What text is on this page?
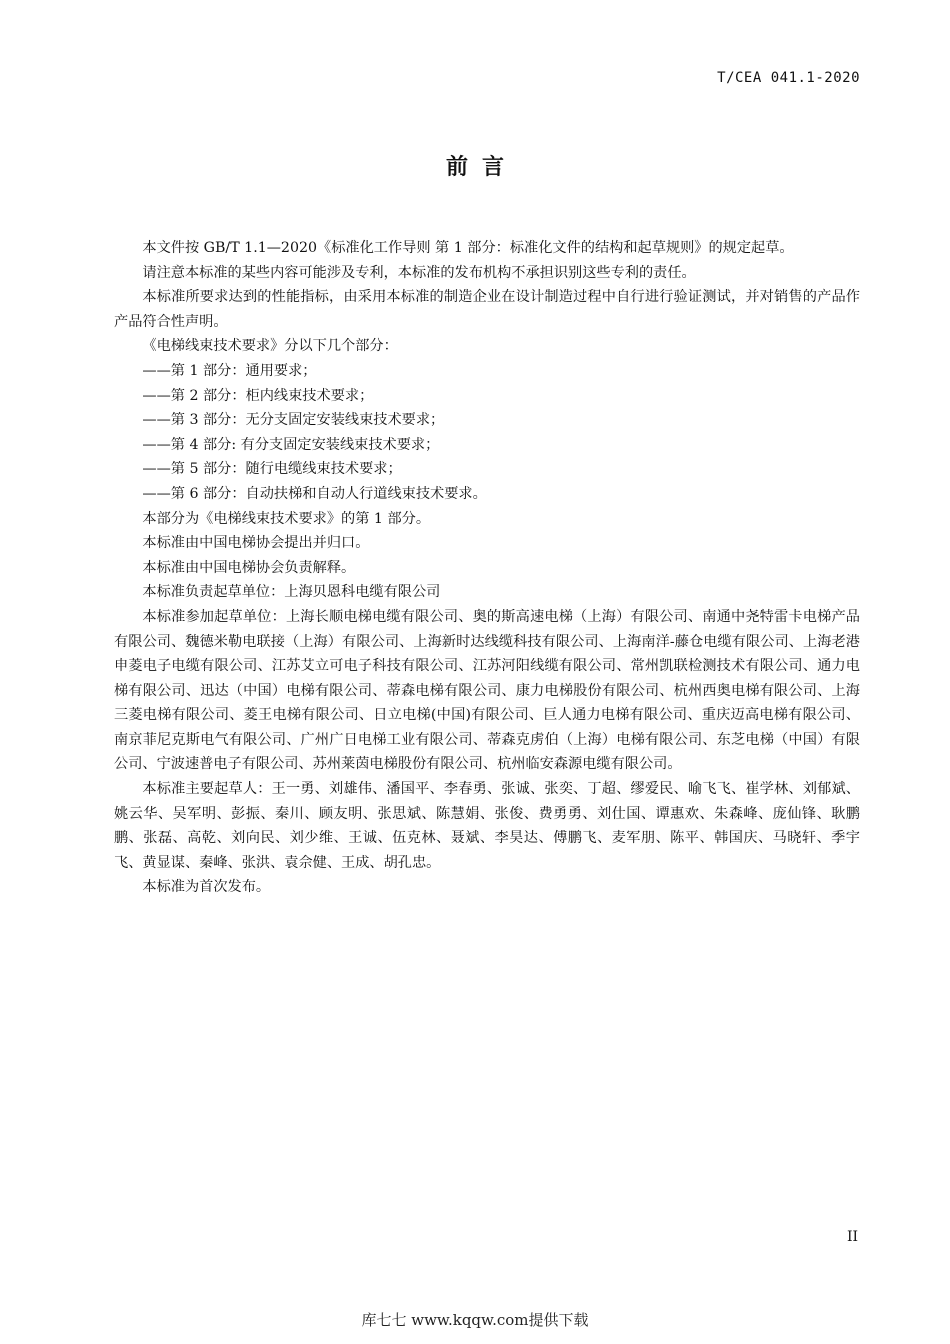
T/CEA 041.1-2020
前言

本文件按 GB/T 1.1—2020《标准化工作导则 第 1 部分：标准化文件的结构和起草规则》的规定起草。

请注意本标准的某些内容可能涉及专利，本标准的发布机构不承担识别这些专利的责任。

本标准所要求达到的性能指标，由采用本标准的制造企业在设计制造过程中自行进行验证测试，并对销售的产品作产品符合性声明。

《电梯线束技术要求》分以下几个部分：

——第 1 部分：通用要求；

——第 2 部分：柜内线束技术要求；

——第 3 部分：无分支固定安装线束技术要求；

——第 4 部分: 有分支固定安装线束技术要求；

——第 5 部分：随行电缆线束技术要求；

——第 6 部分：自动扶梯和自动人行道线束技术要求。

本部分为《电梯线束技术要求》的第 1 部分。

本标准由中国电梯协会提出并归口。

本标准由中国电梯协会负责解释。

本标准负责起草单位：上海贝恩科电缆有限公司

本标准参加起草单位：上海长顺电梯电缆有限公司、奥的斯高速电梯（上海）有限公司、南通中尧特雷卡电梯产品有限公司、魏德米勒电联接（上海）有限公司、上海新时达线缆科技有限公司、上海南洋-藤仓电缆有限公司、上海老港申菱电子电缆有限公司、江苏艾立可电子科技有限公司、江苏河阳线缆有限公司、常州凯联检测技术有限公司、通力电梯有限公司、迅达（中国）电梯有限公司、蒂森电梯有限公司、康力电梯股份有限公司、杭州西奥电梯有限公司、上海三菱电梯有限公司、菱王电梯有限公司、日立电梯(中国)有限公司、巨人通力电梯有限公司、重庆迈高电梯有限公司、南京菲尼克斯电气有限公司、广州广日电梯工业有限公司、蒂森克虏伯（上海）电梯有限公司、东芝电梯（中国）有限公司、宁波速普电子有限公司、苏州莱茵电梯股份有限公司、杭州临安森源电缆有限公司。

本标准主要起草人：王一勇、刘雄伟、潘国平、李春勇、张诚、张奕、丁超、缪爱民、喻飞飞、崔学林、刘郁斌、姚云华、吴军明、彭振、秦川、顾友明、张思斌、陈慧娟、张俊、费勇勇、刘仕国、谭惠欢、朱森峰、庞仙锋、耿鹏鹏、张磊、高乾、刘向民、刘少维、王诚、伍克林、聂斌、李昊达、傅鹏飞、麦军朋、陈平、韩国庆、马晓轩、季宇飞、黄显谋、秦峰、张洪、袁佘健、王成、胡孔忠。

本标准为首次发布。

II
库七七 www.kqqw.com提供下载
